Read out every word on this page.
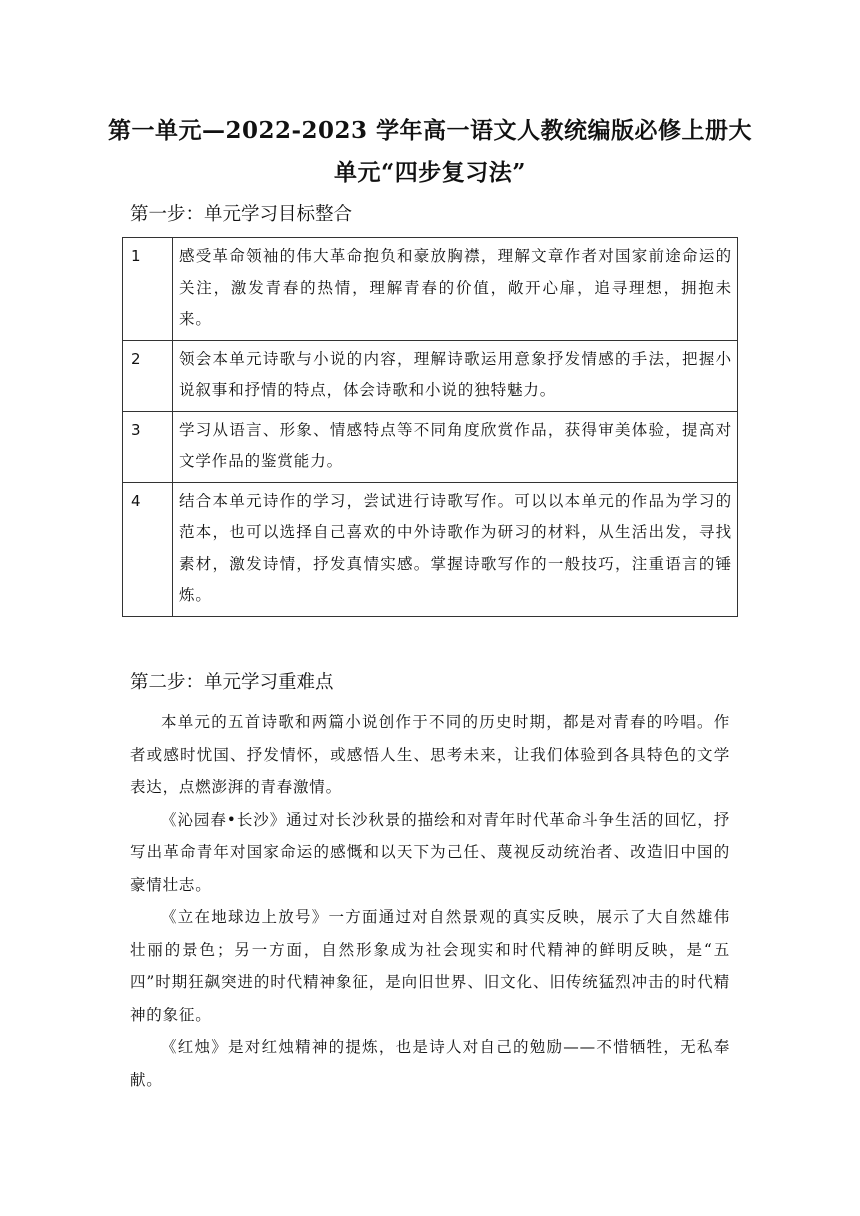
第一单元—2022-2023 学年高一语文人教统编版必修上册大
单元“四步复习法”
第一步：单元学习目标整合
1	感受革命领袖的伟大革命抱负和豪放胸襟，理解文章作者对国家前途命运的关注，激发青春的热情，理解青春的价值，敞开心扉，追寻理想，拥抱未来。
2	领会本单元诗歌与小说的内容，理解诗歌运用意象抒发情感的手法，把握小说叙事和抒情的特点，体会诗歌和小说的独特魅力。
3	学习从语言、形象、情感特点等不同角度欣赏作品，获得审美体验，提高对文学作品的鉴赏能力。
4	结合本单元诗作的学习，尝试进行诗歌写作。可以以本单元的作品为学习的范本，也可以选择自己喜欢的中外诗歌作为研习的材料，从生活出发，寻找素材，激发诗情，抒发真情实感。掌握诗歌写作的一般技巧，注重语言的锤炼。
第二步：单元学习重难点

本单元的五首诗歌和两篇小说创作于不同的历史时期，都是对青春的吟唱。作者或感时忧国、抒发情怀，或感悟人生、思考未来，让我们体验到各具特色的文学表达，点燃澎湃的青春激情。

《沁园春•长沙》通过对长沙秋景的描绘和对青年时代革命斗争生活的回忆，抒写出革命青年对国家命运的感慨和以天下为己任、蔑视反动统治者、改造旧中国的豪情壮志。

《立在地球边上放号》一方面通过对自然景观的真实反映，展示了大自然雄伟壮丽的景色；另一方面，自然形象成为社会现实和时代精神的鲜明反映，是“五四”时期狂飙突进的时代精神象征，是向旧世界、旧文化、旧传统猛烈冲击的时代精神的象征。

《红烛》是对红烛精神的提炼，也是诗人对自己的勉励——不惜牺牲，无私奉献。
